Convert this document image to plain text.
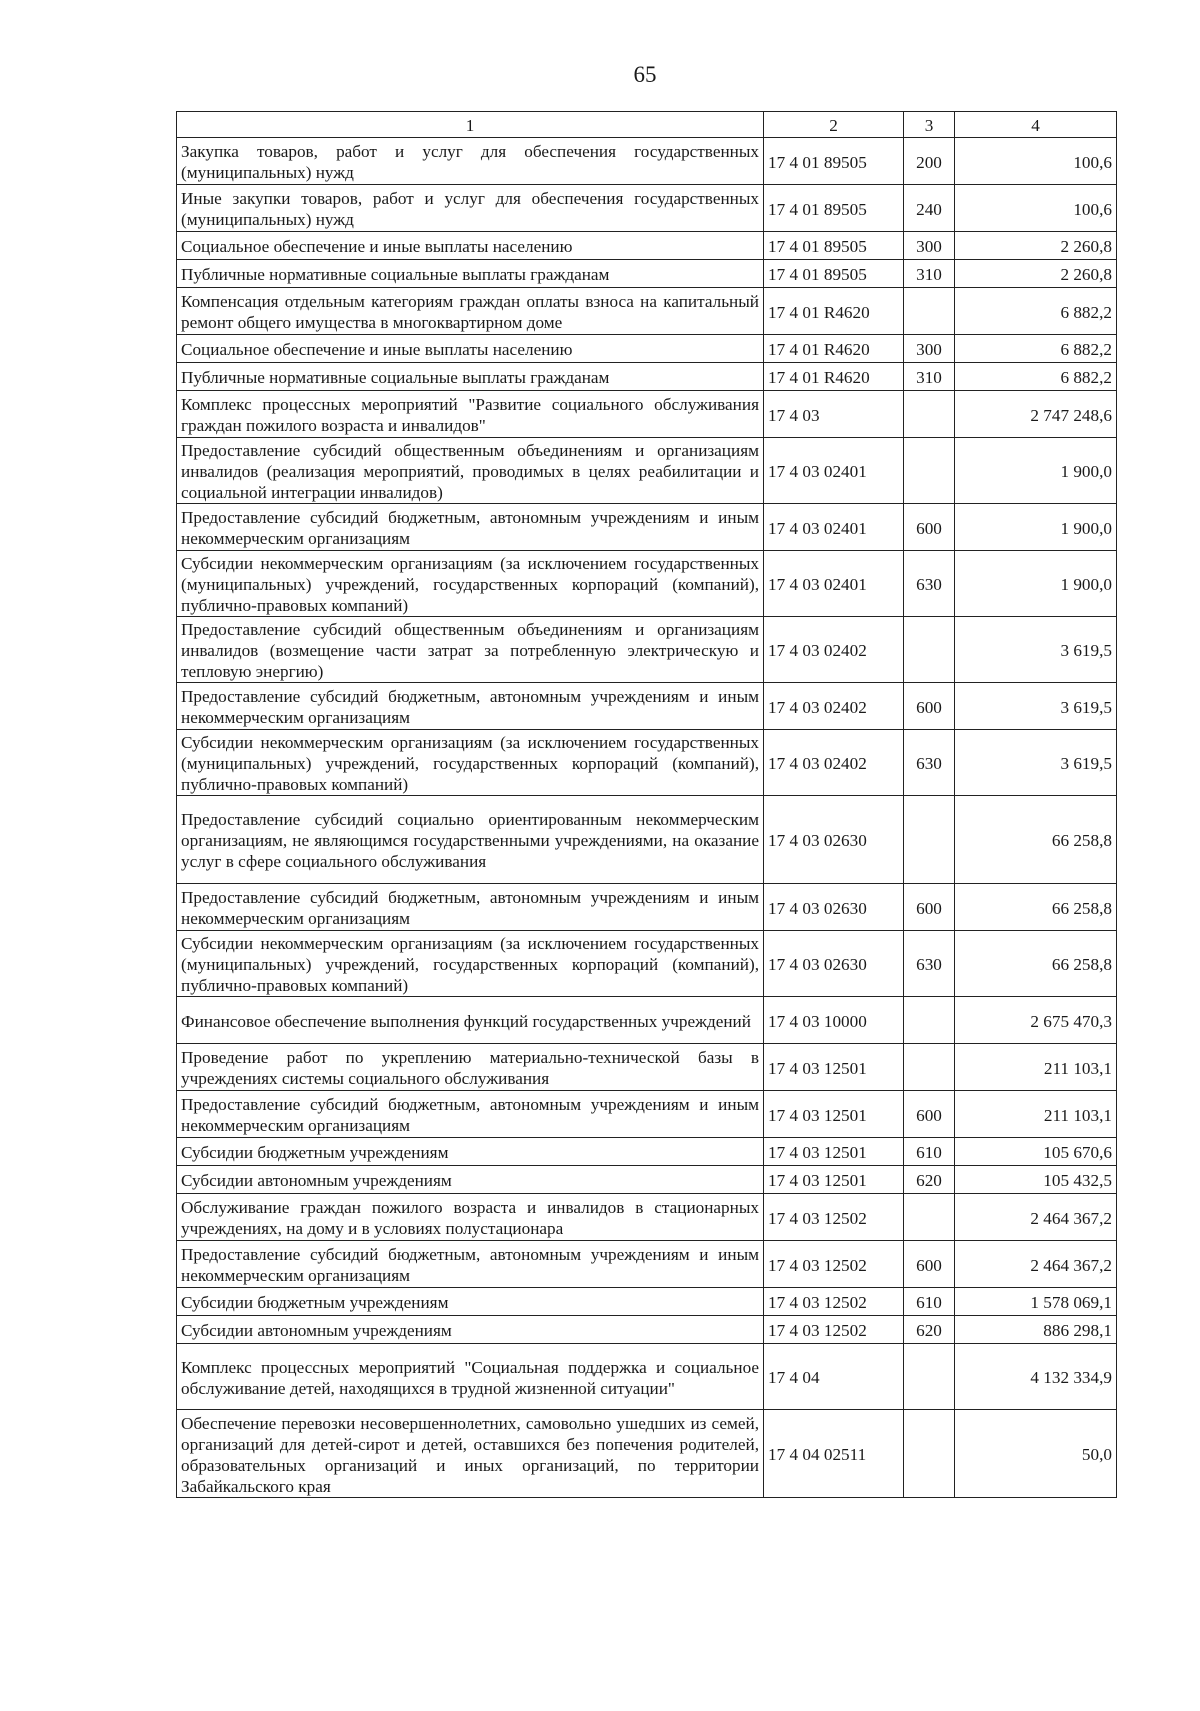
65
1	2	3	4
Закупка товаров, работ и услуг для обеспечения государственных (муниципальных) нужд	17 4 01 89505	200	100,6
Иные закупки товаров, работ и услуг для обеспечения государственных (муниципальных) нужд	17 4 01 89505	240	100,6
Социальное обеспечение и иные выплаты населению	17 4 01 89505	300	2 260,8
Публичные нормативные социальные выплаты гражданам	17 4 01 89505	310	2 260,8
Компенсация отдельным категориям граждан оплаты взноса на капитальный ремонт общего имущества в многоквартирном доме	17 4 01 R4620		6 882,2
Социальное обеспечение и иные выплаты населению	17 4 01 R4620	300	6 882,2
Публичные нормативные социальные выплаты гражданам	17 4 01 R4620	310	6 882,2
Комплекс процессных мероприятий "Развитие социального обслуживания граждан пожилого возраста и инвалидов"	17 4 03		2 747 248,6
Предоставление субсидий общественным объединениям и организациям инвалидов (реализация мероприятий, проводимых в целях реабилитации и социальной интеграции инвалидов)	17 4 03 02401		1 900,0
Предоставление субсидий бюджетным, автономным учреждениям и иным некоммерческим организациям	17 4 03 02401	600	1 900,0
Субсидии некоммерческим организациям (за исключением государственных (муниципальных) учреждений, государственных корпораций (компаний), публично-правовых компаний)	17 4 03 02401	630	1 900,0
Предоставление субсидий общественным объединениям и организациям инвалидов (возмещение части затрат за потребленную электрическую и тепловую энергию)	17 4 03 02402		3 619,5
Предоставление субсидий бюджетным, автономным учреждениям и иным некоммерческим организациям	17 4 03 02402	600	3 619,5
Субсидии некоммерческим организациям (за исключением государственных (муниципальных) учреждений, государственных корпораций (компаний), публично-правовых компаний)	17 4 03 02402	630	3 619,5
Предоставление субсидий социально ориентированным некоммерческим организациям, не являющимся государственными учреждениями, на оказание услуг в сфере социального обслуживания	17 4 03 02630		66 258,8
Предоставление субсидий бюджетным, автономным учреждениям и иным некоммерческим организациям	17 4 03 02630	600	66 258,8
Субсидии некоммерческим организациям (за исключением государственных (муниципальных) учреждений, государственных корпораций (компаний), публично-правовых компаний)	17 4 03 02630	630	66 258,8
Финансовое обеспечение выполнения функций государственных учреждений	17 4 03 10000		2 675 470,3
Проведение работ по укреплению материально-технической базы в учреждениях системы социального обслуживания	17 4 03 12501		211 103,1
Предоставление субсидий бюджетным, автономным учреждениям и иным некоммерческим организациям	17 4 03 12501	600	211 103,1
Субсидии бюджетным учреждениям	17 4 03 12501	610	105 670,6
Субсидии автономным учреждениям	17 4 03 12501	620	105 432,5
Обслуживание граждан пожилого возраста и инвалидов в стационарных учреждениях, на дому и в условиях полустационара	17 4 03 12502		2 464 367,2
Предоставление субсидий бюджетным, автономным учреждениям и иным некоммерческим организациям	17 4 03 12502	600	2 464 367,2
Субсидии бюджетным учреждениям	17 4 03 12502	610	1 578 069,1
Субсидии автономным учреждениям	17 4 03 12502	620	886 298,1
Комплекс процессных мероприятий "Социальная поддержка и социальное обслуживание детей, находящихся в трудной жизненной ситуации"	17 4 04		4 132 334,9
Обеспечение перевозки несовершеннолетних, самовольно ушедших из семей, организаций для детей-сирот и детей, оставшихся без попечения родителей, образовательных организаций и иных организаций, по территории Забайкальского края	17 4 04 02511		50,0
